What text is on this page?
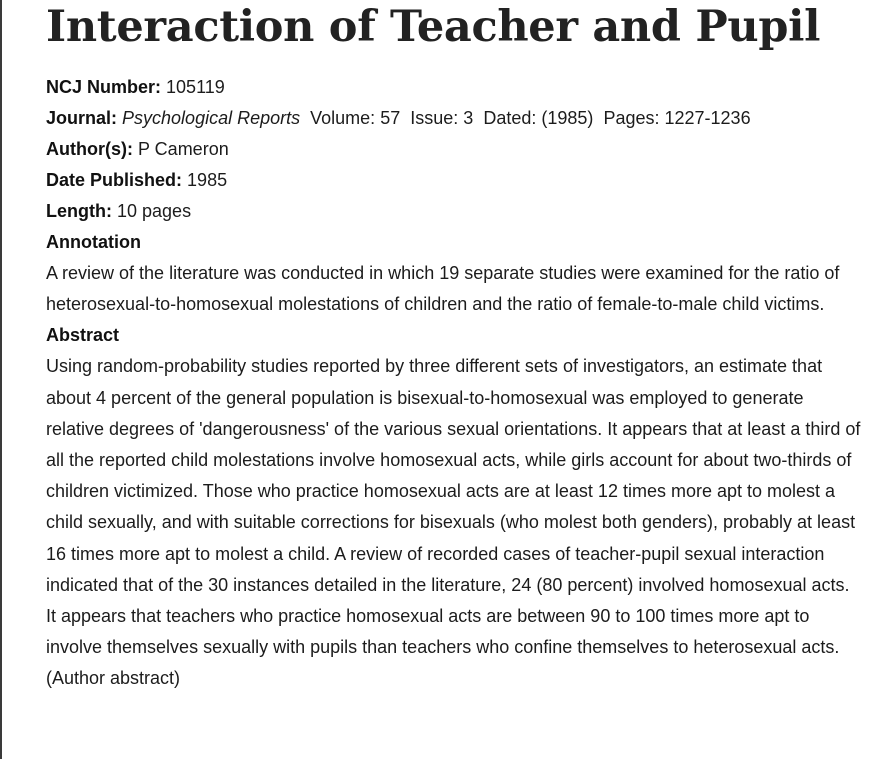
Interaction of Teacher and Pupil
NCJ Number: 105119
Journal: Psychological Reports Volume: 57 Issue: 3 Dated: (1985) Pages: 1227-1236
Author(s): P Cameron
Date Published: 1985
Length: 10 pages
Annotation

A review of the literature was conducted in which 19 separate studies were examined for the ratio of heterosexual-to-homosexual molestations of children and the ratio of female-to-male child victims.

Abstract

Using random-probability studies reported by three different sets of investigators, an estimate that about 4 percent of the general population is bisexual-to-homosexual was employed to generate relative degrees of 'dangerousness' of the various sexual orientations. It appears that at least a third of all the reported child molestations involve homosexual acts, while girls account for about two-thirds of children victimized. Those who practice homosexual acts are at least 12 times more apt to molest a child sexually, and with suitable corrections for bisexuals (who molest both genders), probably at least 16 times more apt to molest a child. A review of recorded cases of teacher-pupil sexual interaction indicated that of the 30 instances detailed in the literature, 24 (80 percent) involved homosexual acts. It appears that teachers who practice homosexual acts are between 90 to 100 times more apt to involve themselves sexually with pupils than teachers who confine themselves to heterosexual acts. (Author abstract)
